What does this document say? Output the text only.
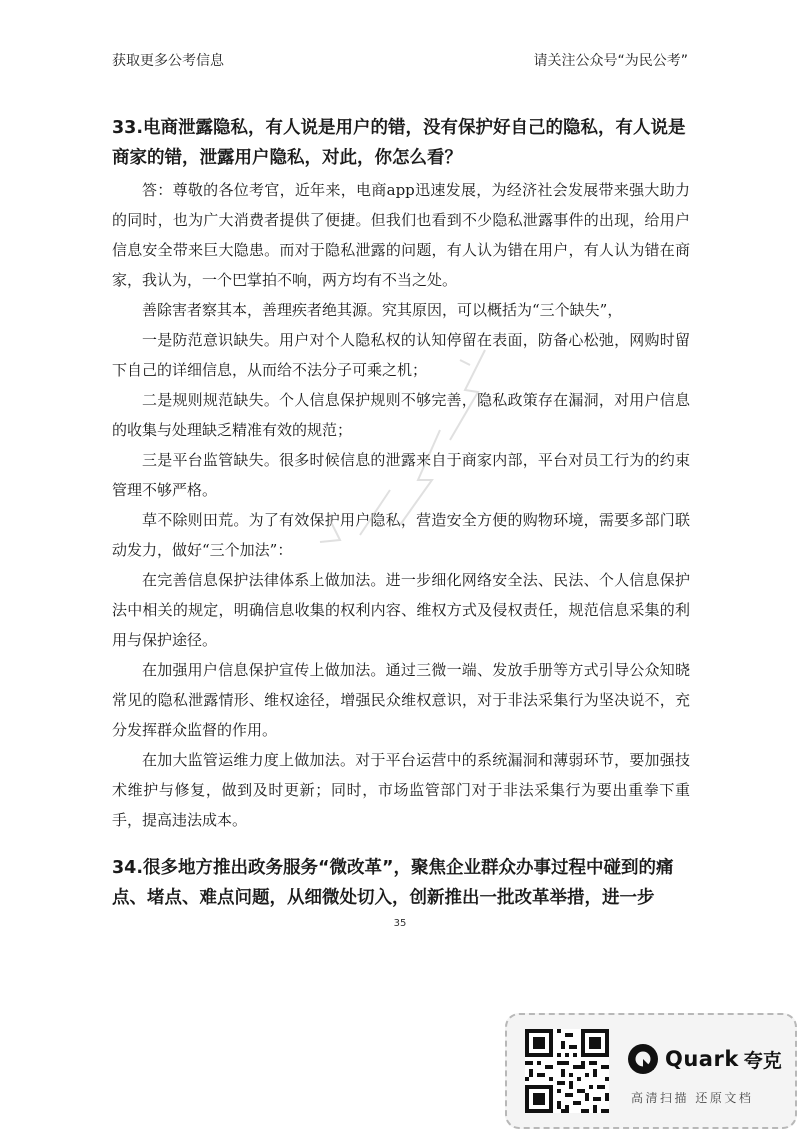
获取更多公考信息	请关注公众号“为民公考”
33.电商泄露隐私，有人说是用户的错，没有保护好自己的隐私，有人说是商家的错，泄露用户隐私，对此，你怎么看？

答：尊敬的各位考官，近年来，电商app迅速发展，为经济社会发展带来强大助力的同时，也为广大消费者提供了便捷。但我们也看到不少隐私泄露事件的出现，给用户信息安全带来巨大隐患。而对于隐私泄露的问题，有人认为错在用户，有人认为错在商家，我认为，一个巴掌拍不响，两方均有不当之处。

善除害者察其本，善理疾者绝其源。究其原因，可以概括为“三个缺失”，

一是防范意识缺失。用户对个人隐私权的认知停留在表面，防备心松弛，网购时留下自己的详细信息，从而给不法分子可乘之机；

二是规则规范缺失。个人信息保护规则不够完善，隐私政策存在漏洞，对用户信息的收集与处理缺乏精准有效的规范；

三是平台监管缺失。很多时候信息的泄露来自于商家内部，平台对员工行为的约束管理不够严格。

草不除则田荒。为了有效保护用户隐私，营造安全方便的购物环境，需要多部门联动发力，做好“三个加法”：

在完善信息保护法律体系上做加法。进一步细化网络安全法、民法、个人信息保护法中相关的规定，明确信息收集的权利内容、维权方式及侵权责任，规范信息采集的利用与保护途径。

在加强用户信息保护宣传上做加法。通过三微一端、发放手册等方式引导公众知晓常见的隐私泄露情形、维权途径，增强民众维权意识，对于非法采集行为坚决说不，充分发挥群众监督的作用。

在加大监管运维力度上做加法。对于平台运营中的系统漏洞和薄弱环节，要加强技术维护与修复，做到及时更新；同时，市场监管部门对于非法采集行为要出重拳下重手，提高违法成本。

34.很多地方推出政务服务“微改革”，聚焦企业群众办事过程中碰到的痛点、堵点、难点问题，从细微处切入，创新推出一批改革举措，进一步
35
Quark 夸克
高清扫描 还原文档
